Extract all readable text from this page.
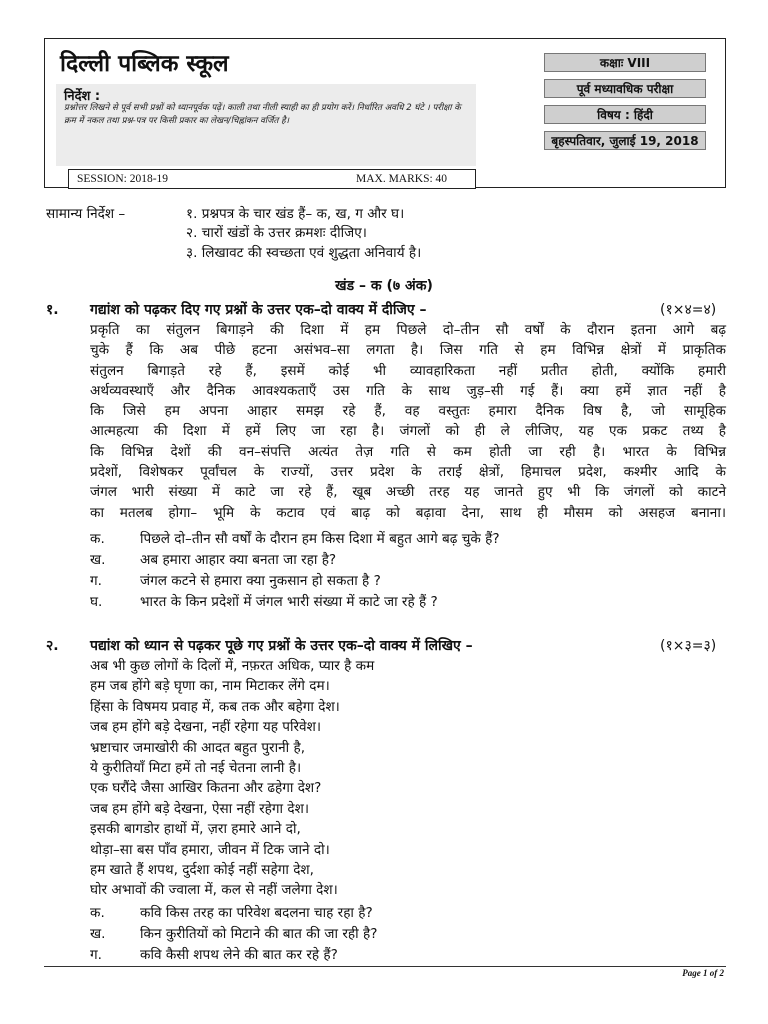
दिल्ली पब्लिक स्कूल
निर्देश :
प्रश्नोत्तर लिखने से पूर्व सभी प्रश्नों को ध्यानपूर्वक पढ़ें। काली तथा नीली स्याही का ही प्रयोग करें। निर्धारित अवधि 2 घंटे । परीक्षा के क्रम में नकल तथा प्रश्न-पत्र पर किसी प्रकार का लेखन/चिह्नांकन वर्जित है।
SESSION: 2018-19	MAX. MARKS: 40
कक्षाः VIII
पूर्व मध्यावधिक परीक्षा
विषय : हिंदी
बृहस्पतिवार, जुलाई 19, 2018
सामान्य निर्देश –	१. प्रश्नपत्र के चार खंड हैं– क, ख, ग और घ।
२. चारों खंडों के उत्तर क्रमशः दीजिए।
३. लिखावट की स्वच्छता एवं शुद्धता अनिवार्य है।
खंड – क (७ अंक)
१. गद्यांश को पढ़कर दिए गए प्रश्नों के उत्तर एक–दो वाक्य में दीजिए –	(१×४=४)
प्रकृति का संतुलन बिगाड़ने की दिशा में हम पिछले दो–तीन सौ वर्षों के दौरान इतना आगे बढ़
चुके हैं कि अब पीछे हटना असंभव–सा लगता है। जिस गति से हम विभिन्न क्षेत्रों में प्राकृतिक
संतुलन बिगाड़ते रहे हैं, इसमें कोई भी व्यावहारिकता नहीं प्रतीत होती, क्योंकि हमारी
अर्थव्यवस्थाएँ और दैनिक आवश्यकताएँ उस गति के साथ जुड़–सी गई हैं। क्या हमें ज्ञात नहीं है
कि जिसे हम अपना आहार समझ रहे हैं, वह वस्तुतः हमारा दैनिक विष है, जो सामूहिक
आत्महत्या की दिशा में हमें लिए जा रहा है। जंगलों को ही ले लीजिए, यह एक प्रकट तथ्य है
कि विभिन्न देशों की वन–संपत्ति अत्यंत तेज़ गति से कम होती जा रही है। भारत के विभिन्न
प्रदेशों, विशेषकर पूर्वांचल के राज्यों, उत्तर प्रदेश के तराई क्षेत्रों, हिमाचल प्रदेश, कश्मीर आदि के
जंगल भारी संख्या में काटे जा रहे हैं, खूब अच्छी तरह यह जानते हुए भी कि जंगलों को काटने
का मतलब होगा– भूमि के कटाव एवं बाढ़ को बढ़ावा देना, साथ ही मौसम को असहज बनाना।
क.	पिछले दो–तीन सौ वर्षों के दौरान हम किस दिशा में बहुत आगे बढ़ चुके हैं?
ख.	अब हमारा आहार क्या बनता जा रहा है?
ग.	जंगल कटने से हमारा क्या नुकसान हो सकता है ?
घ.	भारत के किन प्रदेशों में जंगल भारी संख्या में काटे जा रहे हैं ?
२. पद्यांश को ध्यान से पढ़कर पूछे गए प्रश्नों के उत्तर एक–दो वाक्य में लिखिए –	(१×३=३)
अब भी कुछ लोगों के दिलों में, नफ़रत अधिक, प्यार है कम
हम जब होंगे बड़े घृणा का, नाम मिटाकर लेंगे दम।
हिंसा के विषमय प्रवाह में, कब तक और बहेगा देश।
जब हम होंगे बड़े देखना, नहीं रहेगा यह परिवेश।
भ्रष्टाचार जमाखोरी की आदत बहुत पुरानी है,
ये कुरीतियाँ मिटा हमें तो नई चेतना लानी है।
एक घरौंदे जैसा आखिर कितना और ढहेगा देश?
जब हम होंगे बड़े देखना, ऐसा नहीं रहेगा देश।
इसकी बागडोर हाथों में, ज़रा हमारे आने दो,
थोड़ा–सा बस पाँव हमारा, जीवन में टिक जाने दो।
हम खाते हैं शपथ, दुर्दशा कोई नहीं सहेगा देश,
घोर अभावों की ज्वाला में, कल से नहीं जलेगा देश।
क.	कवि किस तरह का परिवेश बदलना चाह रहा है?
ख.	किन कुरीतियों को मिटाने की बात की जा रही है?
ग.	कवि कैसी शपथ लेने की बात कर रहे हैं?
Page 1 of 2
